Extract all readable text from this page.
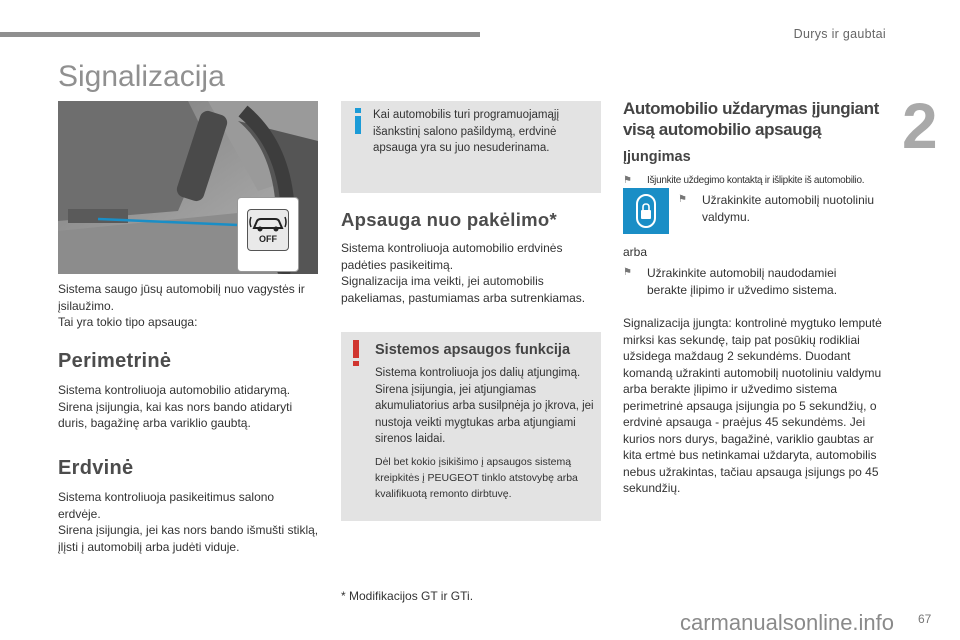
Durys ir gaubtai
2
Signalizacija
OFF

Sistema saugo jūsų automobilį nuo vagystės ir įsilaužimo.

Tai yra tokio tipo apsauga:

Perimetrinė

Sistema kontroliuoja automobilio atidarymą. Sirena įsijungia, kai kas nors bando atidaryti duris, bagažinę arba variklio gaubtą.

Erdvinė

Sistema kontroliuoja pasikeitimus salono erdvėje.

Sirena įsijungia, jei kas nors bando išmušti stiklą, įlįsti į automobilį arba judėti viduje.

Kai automobilis turi programuojamąjį išankstinį salono pašildymą, erdvinė apsauga yra su juo nesuderinama.
Apsauga nuo pakėlimo*

Sistema kontroliuoja automobilio erdvinės padėties pasikeitimą.

Signalizacija ima veikti, jei automobilis pakeliamas, pastumiamas arba sutrenkiamas.

Sistemos apsaugos funkcija

Sistema kontroliuoja jos dalių atjungimą.

Sirena įsijungia, jei atjungiamas akumuliatorius arba susilpnėja jo įkrova, jei nustoja veikti mygtukas arba atjungiami sirenos laidai.

Dėl bet kokio įsikišimo į apsaugos sistemą kreipkitės į PEUGEOT tinklo atstovybę arba kvalifikuotą remonto dirbtuvę.

* Modifikacijos GT ir GTi.
Automobilio uždarymas įjungiant visą automobilio apsaugą
Įjungimas
⚑ Išjunkite uždegimo kontaktą ir išlipkite iš automobilio.
⚑ Užrakinkite automobilį nuotoliniu valdymu.
arba
⚑ Užrakinkite automobilį naudodamiei berakte įlipimo ir užvedimo sistema.
Signalizacija įjungta: kontrolinė mygtuko lemputė mirksi kas sekundę, taip pat posūkių rodikliai užsidega maždaug 2 sekundėms. Duodant komandą užrakinti automobilį nuotoliniu valdymu arba berakte įlipimo ir užvedimo sistema perimetrinė apsauga įsijungia po 5 sekundžių, o erdvinė apsauga - praėjus 45 sekundėms. Jei kurios nors durys, bagažinė, variklio gaubtas ar kita ertmė bus netinkamai uždaryta, automobilis nebus užrakintas, tačiau apsauga įsijungs po 45 sekundžių.
carmanualsonline.info 67
